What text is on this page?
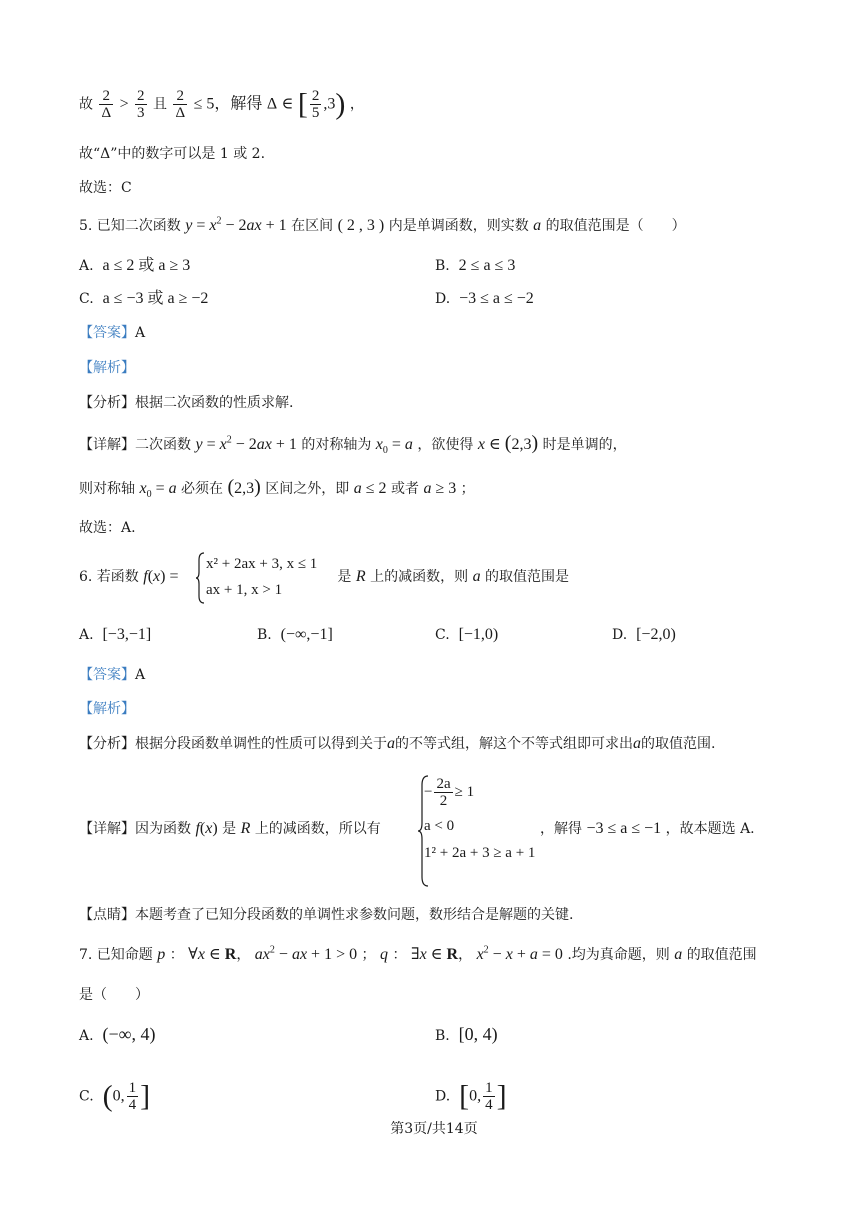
故 $\frac{2}{\Delta} > \frac{2}{3}$ 且 $\frac{2}{\Delta} \le 5$，解得 Δ ∈ [ $\frac{2}{5} ,3$) ，
故“Δ”中的数字可以是 1 或 2.
故选：C
5. 已知二次函数 $y = x^2 - 2ax + 1$ 在区间 ( 2 , 3 ) 内是单调函数，则实数 a 的取值范围是（　　）
A. a ≤ 2 或 a ≥ 3	B. 2 ≤ a ≤ 3
C. a ≤ −3 或 a ≥ −2	D. −3 ≤ a ≤ −2
【答案】A
【解析】
【分析】根据二次函数的性质求解.
【详解】二次函数 $y = x^2 - 2ax + 1$ 的对称轴为 $x_0 = a$ ，欲使得 x ∈ (2,3) 时是单调的，
则对称轴 $x_0 = a$ 必须在 (2,3) 区间之外，即 a ≤ 2 或者 a ≥ 3 ；
故选：A.
6. 若函数 f(x) =	是 R 上的减函数，则 a 的取值范围是
x² + 2ax + 3, x ≤ 1
ax + 1, x > 1
A. [−3,−1]	B. (−∞,−1]	C. [−1,0)	D. [−2,0)
【答案】A
【解析】
【分析】根据分段函数单调性的性质可以得到关于a的不等式组，解这个不等式组即可求出a的取值范围.
【详解】因为函数 f(x) 是 R 上的减函数，所以有
− $\frac{2a}{2} \ge 1$
a < 0
1² + 2a + 3 ≥ a + 1
，解得 −3 ≤ a ≤ −1 ，故本题选 A.
【点睛】本题考查了已知分段函数的单调性求参数问题，数形结合是解题的关键.
7. 已知命题 p ： ∀x ∈ R， $ax^2$ − ax + 1 > 0 ； q ： ∃x ∈ R， $x^2 - x + a = 0$ .均为真命题，则 a 的取值范围
是（　　）
A. (−∞, 4)	B. [0, 4)
C. (0, $\frac{1}{4}$ ]	D. [0, $\frac{1}{4}$ ]
第3页/共14页
